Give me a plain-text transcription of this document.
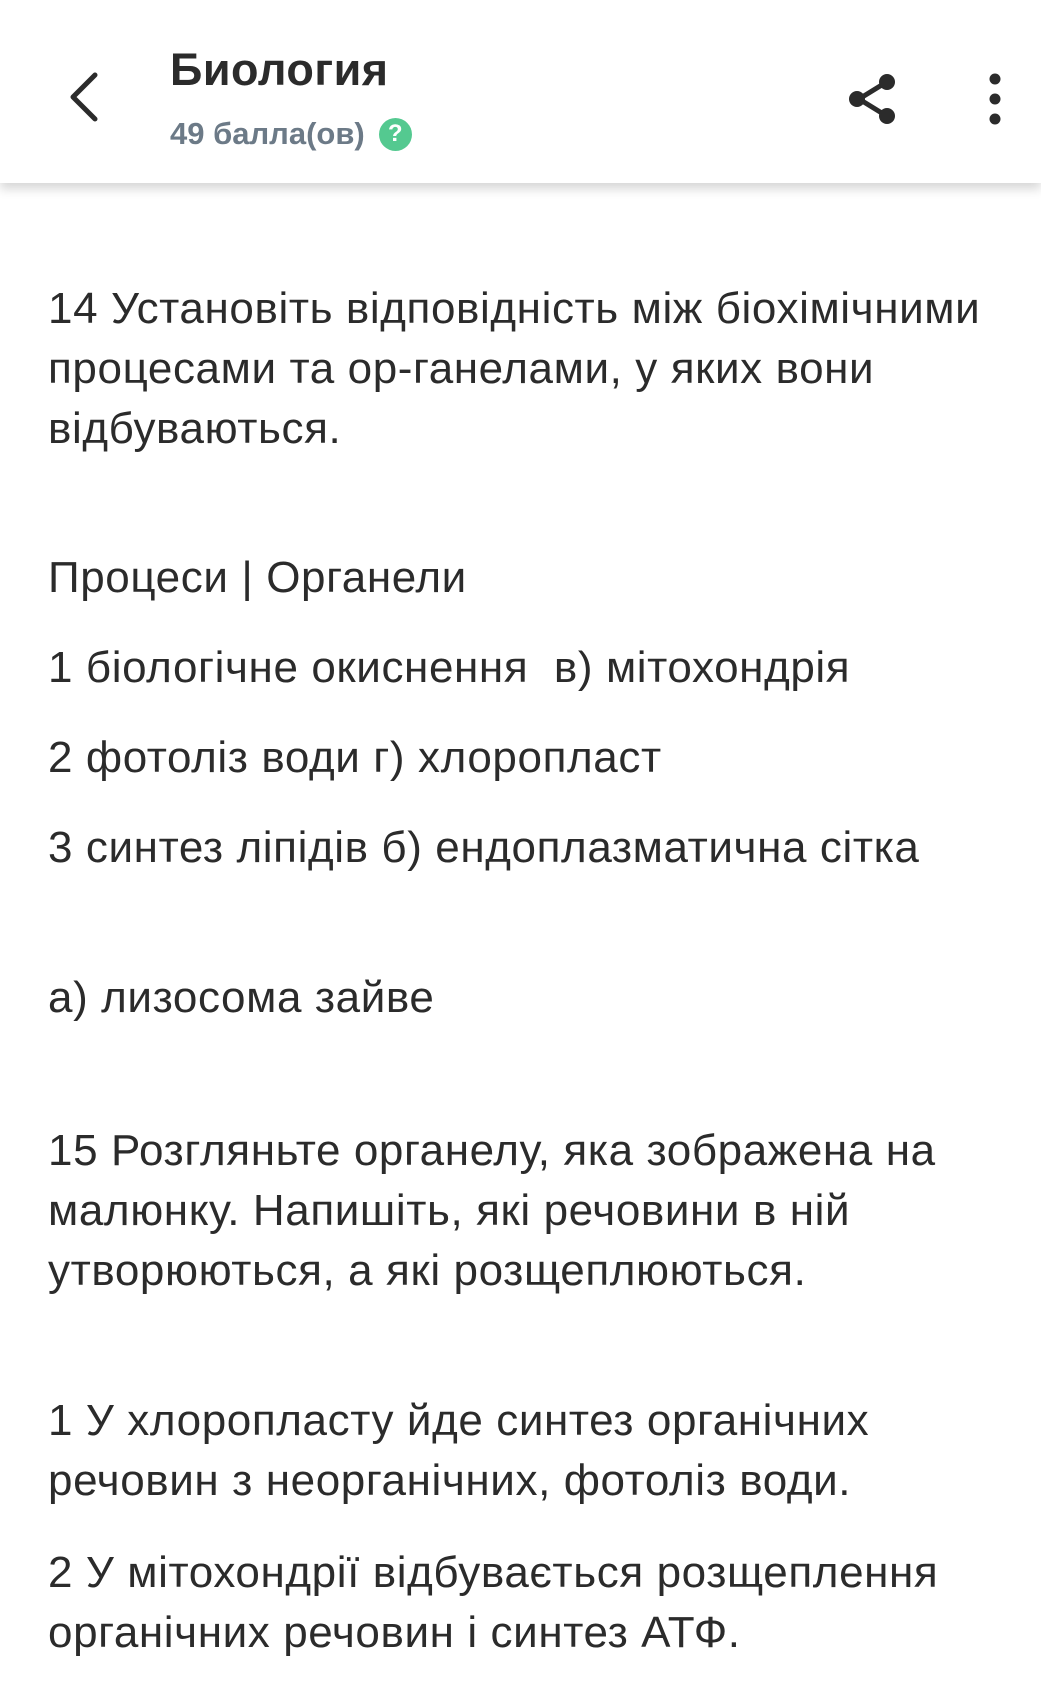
Биология
49 балла(ов) ?

14 Установіть відповідність між біохімічними процесами та ор-ганелами, у яких вони відбуваються.

Процеси | Органели

1 біологічне окиснення  в) мітохондрія

2 фотоліз води г) хлоропласт

3 синтез ліпідів б) ендоплазматична сітка

а) лизосома зайве

15 Розгляньте органелу, яка зображена на малюнку. Напишіть, які речовини в ній утворюються, а які розщеплюються.

1 У хлоропласту йде синтез органічних речовин з неорганічних, фотоліз води.

2 У мітохондрії відбувається розщеплення органічних речовин і синтез АТФ.
